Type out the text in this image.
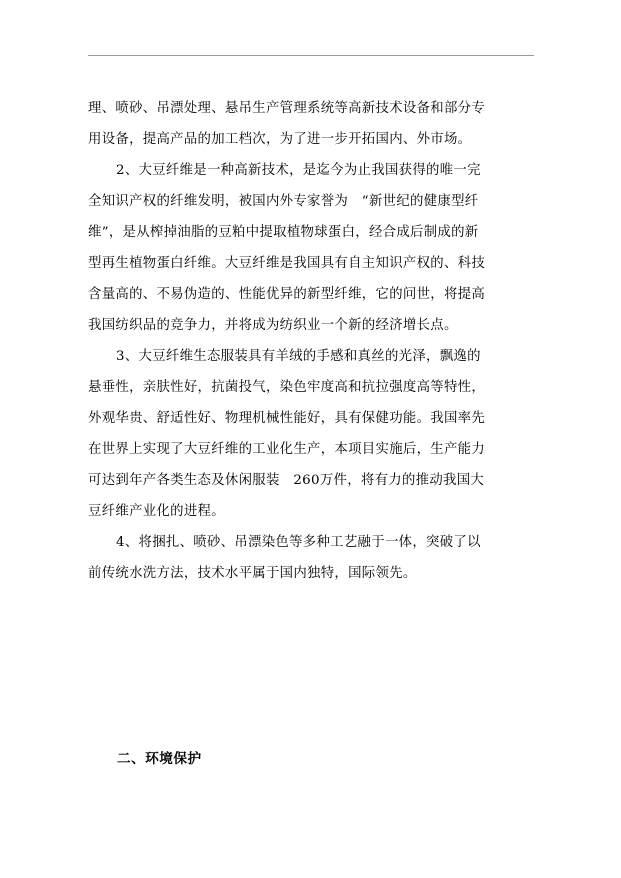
理、喷砂、吊漂处理、悬吊生产管理系统等高新技术设备和部分专
用设备，提高产品的加工档次，为了进一步开拓国内、外市场。

2、大豆纤维是一种高新技术，是迄今为止我国获得的唯一完
全知识产权的纤维发明，被国内外专家誉为　“新世纪的健康型纤
维”，是从榨掉油脂的豆粕中提取植物球蛋白，经合成后制成的新
型再生植物蛋白纤维。大豆纤维是我国具有自主知识产权的、科技
含量高的、不易伪造的、性能优异的新型纤维，它的问世，将提高
我国纺织品的竞争力，并将成为纺织业一个新的经济增长点。

3、大豆纤维生态服装具有羊绒的手感和真丝的光泽，飘逸的
悬垂性，亲肤性好，抗菌投气，染色牢度高和抗拉强度高等特性，
外观华贵、舒适性好、物理机械性能好，具有保健功能。我国率先
在世界上实现了大豆纤维的工业化生产，本项目实施后，生产能力
可达到年产各类生态及休闲服装　260万件，将有力的推动我国大
豆纤维产业化的进程。

4、将捆扎、喷砂、吊漂染色等多种工艺融于一体，突破了以
前传统水洗方法，技术水平属于国内独特，国际领先。

二、环境保护
